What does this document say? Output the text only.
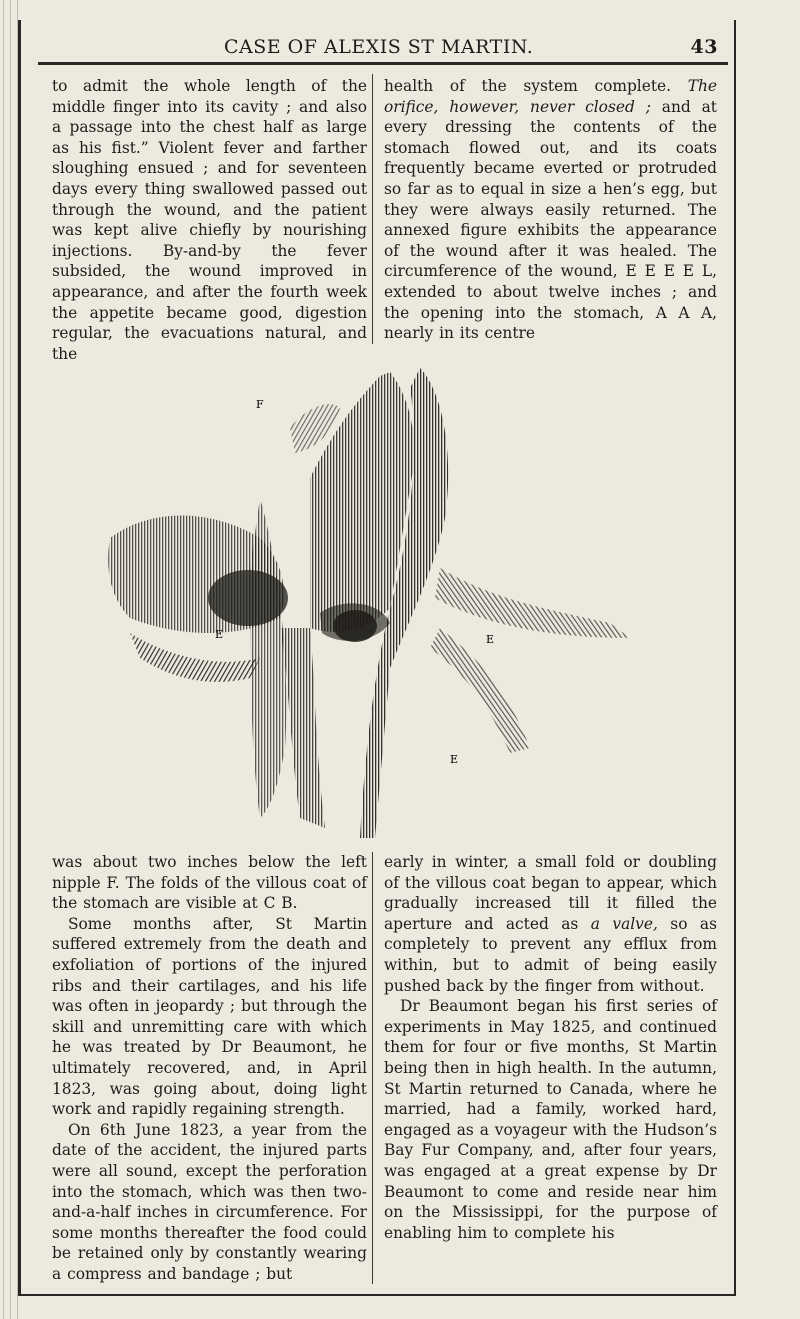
CASE OF ALEXIS ST MARTIN.	43

to admit the whole length of the middle finger into its cavity ; and also a passage into the chest half as large as his fist.” Violent fever and farther sloughing ensued ; and for seventeen days every thing swallowed passed out through the wound, and the patient was kept alive chiefly by nourishing injections. By-and-by the fever subsided, the wound improved in appearance, and after the fourth week the appetite became good, digestion regular, the evacuations natural, and the

health of the system complete. The orifice, however, never closed ; and at every dressing the contents of the stomach flowed out, and its coats frequently became everted or protruded so far as to equal in size a hen’s egg, but they were always easily returned. The annexed figure exhibits the appearance of the wound after it was healed. The circumference of the wound, E E E E L, extended to about twelve inches ; and the opening into the stomach, A A A, nearly in its centre

F
E
E
E

was about two inches below the left nipple F. The folds of the villous coat of the stomach are visible at C B.

Some months after, St Martin suffered extremely from the death and exfoliation of portions of the injured ribs and their cartilages, and his life was often in jeopardy ; but through the skill and unremitting care with which he was treated by Dr Beaumont, he ultimately recovered, and, in April 1823, was going about, doing light work and rapidly regaining strength.

On 6th June 1823, a year from the date of the accident, the injured parts were all sound, except the perforation into the stomach, which was then two-and-a-half inches in circumference. For some months thereafter the food could be retained only by constantly wearing a compress and bandage ; but

early in winter, a small fold or doubling of the villous coat began to appear, which gradually increased till it filled the aperture and acted as a valve, so as completely to prevent any efflux from within, but to admit of being easily pushed back by the finger from without.

Dr Beaumont began his first series of experiments in May 1825, and continued them for four or five months, St Martin being then in high health. In the autumn, St Martin returned to Canada, where he married, had a family, worked hard, engaged as a voyageur with the Hudson’s Bay Fur Company, and, after four years, was engaged at a great expense by Dr Beaumont to come and reside near him on the Mississippi, for the purpose of enabling him to complete his
